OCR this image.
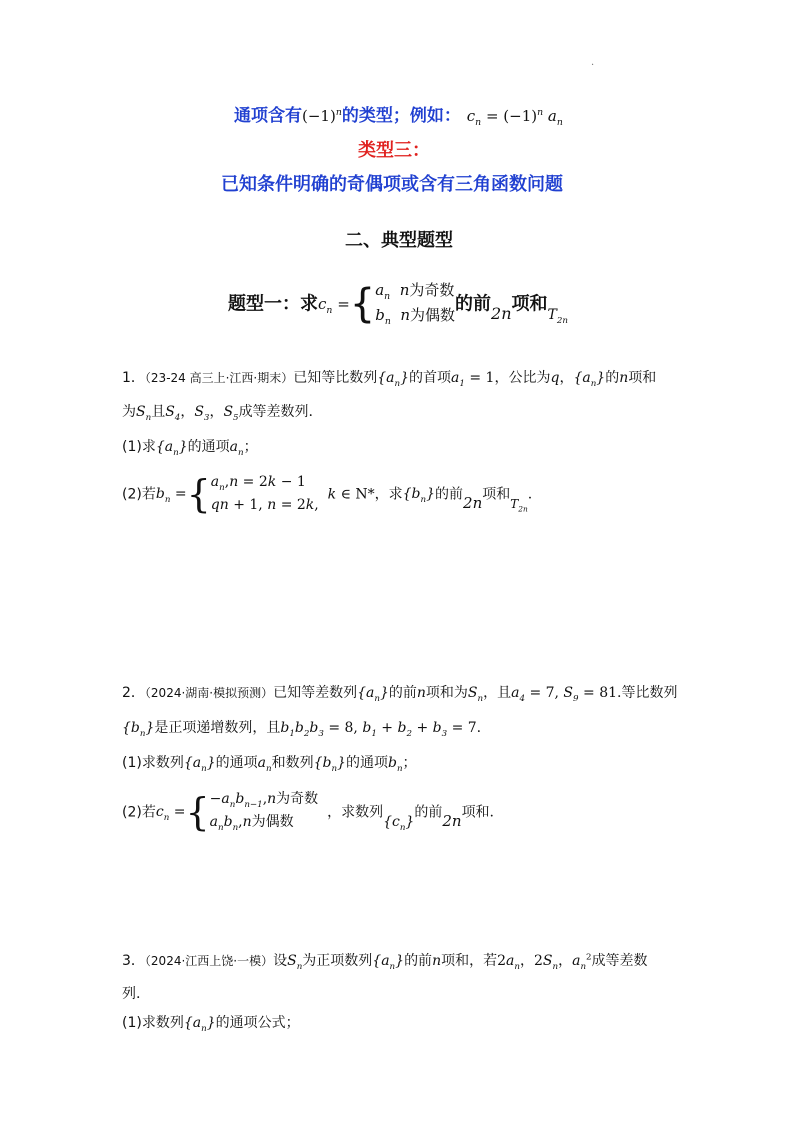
·
通项含有$(-1)^n$的类型；例如： $c_n = (-1)^n$ $a_n$
类型三：
已知条件明确的奇偶项或含有三角函数问题
二、典型题型
题型一：求$c_n =\{a_n$  n为奇数
$b_n$  n为偶数的前2n项和$T_{2n}$
1．（23-24 高三上·江西·期末）已知等比数列$\{a_n\}$的首项$a_1 = 1$，公比为q，$\{a_n\}$的n项和
为$S_n$且$S_4$，$S_3$，$S_5$成等差数列.
(1)求$\{a_n\}$的通项$a_n$；
(2)若$b_n =\{a_n,n = 2k - 1$
qn + 1, n = 2k,  k ∈ N*，求$\{b_n\}$的前2n项和$T_{2n}$.
2．（2024·湖南·模拟预测）已知等差数列$\{a_n\}$的前n项和为$S_n$，且$a_4 = 7$, $S_9 = 81$.等比数列
$\{b_n\}$是正项递增数列，且$b_1b_2b_3 = 8$, $b_1 + b_2 + b_3 = 7$.
(1)求数列$\{a_n\}$的通项$a_n$和数列$\{b_n\}$的通项$b_n$；
(2)若$c_n =\{-a_nb_{n-1},n$为奇数
$a_nb_n,n$为偶数  ，求数列$\{c_n\}$的前2n项和.
3．（2024·江西上饶·一模）设$S_n$为正项数列$\{a_n\}$的前n项和，若$2a_n$，$2S_n$，$a_n^2$成等差数
列.
(1)求数列$\{a_n\}$的通项公式；
